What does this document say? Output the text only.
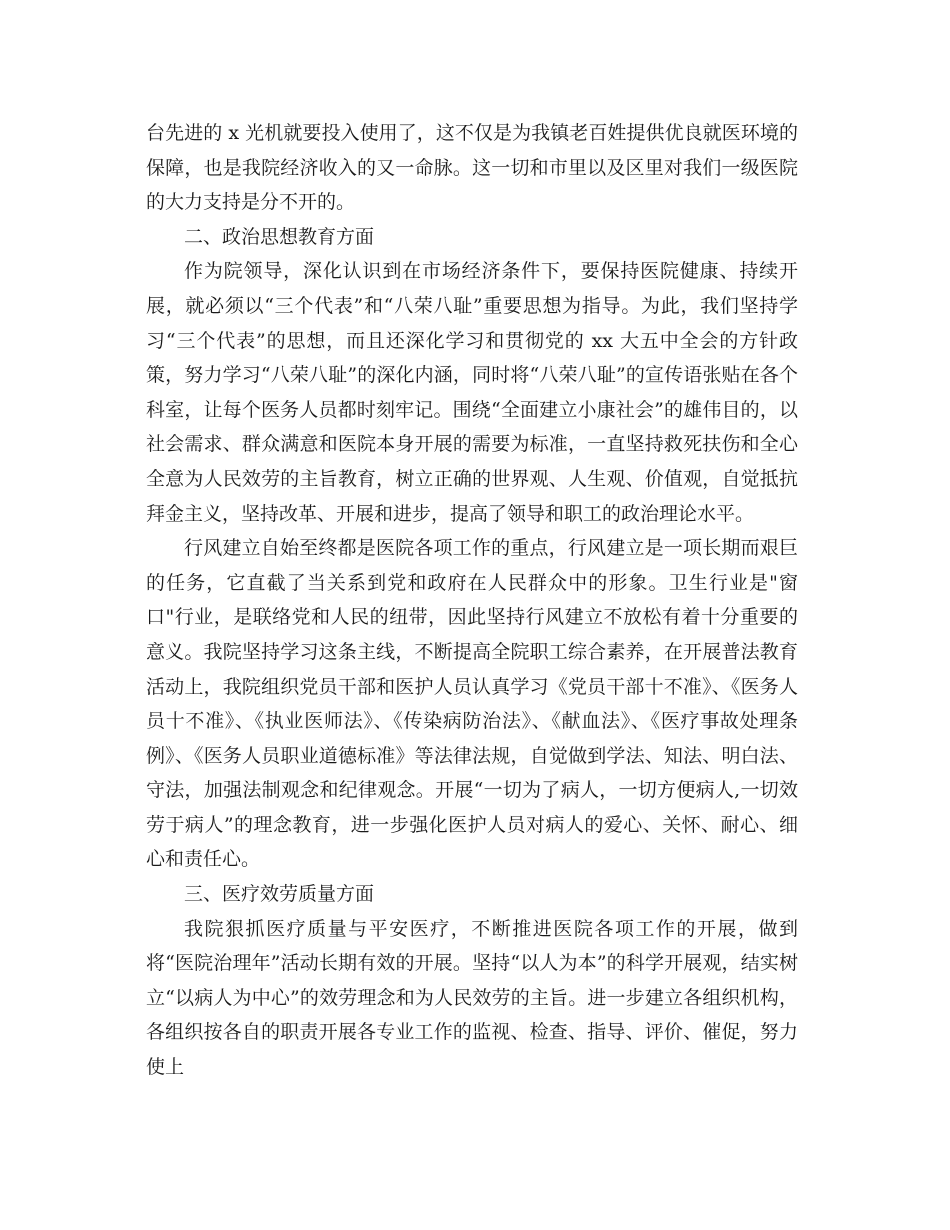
台先进的 x 光机就要投入使用了，这不仅是为我镇老百姓提供优良就医环境的保障，也是我院经济收入的又一命脉。这一切和市里以及区里对我们一级医院的大力支持是分不开的。

二、政治思想教育方面

作为院领导，深化认识到在市场经济条件下，要保持医院健康、持续开展，就必须以“三个代表”和“八荣八耻”重要思想为指导。为此，我们坚持学习“三个代表”的思想，而且还深化学习和贯彻党的 xx 大五中全会的方针政策，努力学习“八荣八耻”的深化内涵，同时将“八荣八耻”的宣传语张贴在各个科室，让每个医务人员都时刻牢记。围绕“全面建立小康社会”的雄伟目的，以社会需求、群众满意和医院本身开展的需要为标准，一直坚持救死扶伤和全心全意为人民效劳的主旨教育，树立正确的世界观、人生观、价值观，自觉抵抗拜金主义，坚持改革、开展和进步，提高了领导和职工的政治理论水平。

行风建立自始至终都是医院各项工作的重点，行风建立是一项长期而艰巨的任务，它直截了当关系到党和政府在人民群众中的形象。卫生行业是"窗口"行业，是联络党和人民的纽带，因此坚持行风建立不放松有着十分重要的意义。我院坚持学习这条主线，不断提高全院职工综合素养，在开展普法教育活动上，我院组织党员干部和医护人员认真学习《党员干部十不准》、《医务人员十不准》、《执业医师法》、《传染病防治法》、《献血法》、《医疗事故处理条例》、《医务人员职业道德标准》等法律法规，自觉做到学法、知法、明白法、守法，加强法制观念和纪律观念。开展“一切为了病人，一切方便病人,一切效劳于病人”的理念教育，进一步强化医护人员对病人的爱心、关怀、耐心、细心和责任心。

三、医疗效劳质量方面

我院狠抓医疗质量与平安医疗，不断推进医院各项工作的开展，做到将“医院治理年”活动长期有效的开展。坚持“以人为本”的科学开展观，结实树立“以病人为中心”的效劳理念和为人民效劳的主旨。进一步建立各组织机构，各组织按各自的职责开展各专业工作的监视、检查、指导、评价、催促，努力使上
